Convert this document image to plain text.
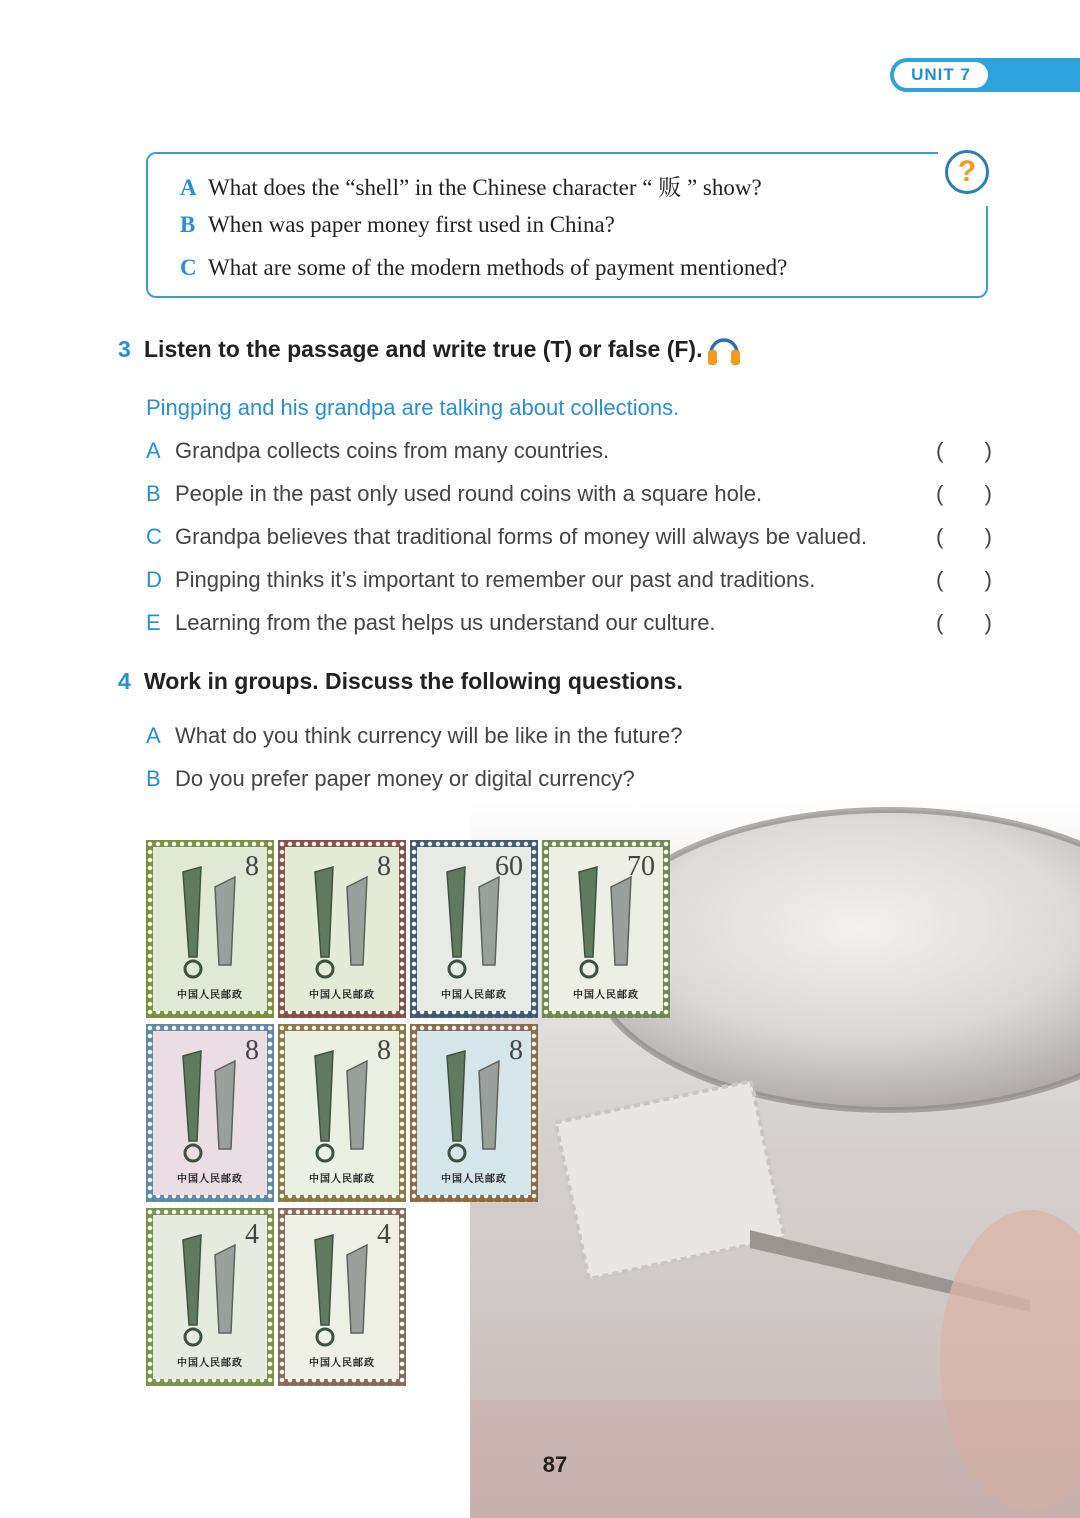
UNIT 7
A What does the “shell” in the Chinese character “ 贩 ” show?
B When was paper money first used in China?
C What are some of the modern methods of payment mentioned?
?
3 Listen to the passage and write true (T) or false (F).
Pingping and his grandpa are talking about collections.
A Grandpa collects coins from many countries.	( )
B People in the past only used round coins with a square hole.	( )
C Grandpa believes that traditional forms of money will always be valued.	( )
D Pingping thinks it’s important to remember our past and traditions.	( )
E Learning from the past helps us understand our culture.	( )
4 Work in groups. Discuss the following questions.
A What do you think currency will be like in the future?
B Do you prefer paper money or digital currency?
8
中国人民邮政
8
中国人民邮政
60
中国人民邮政
70
中国人民邮政
8
中国人民邮政
8
中国人民邮政
8
中国人民邮政
4
中国人民邮政
4
中国人民邮政
87
